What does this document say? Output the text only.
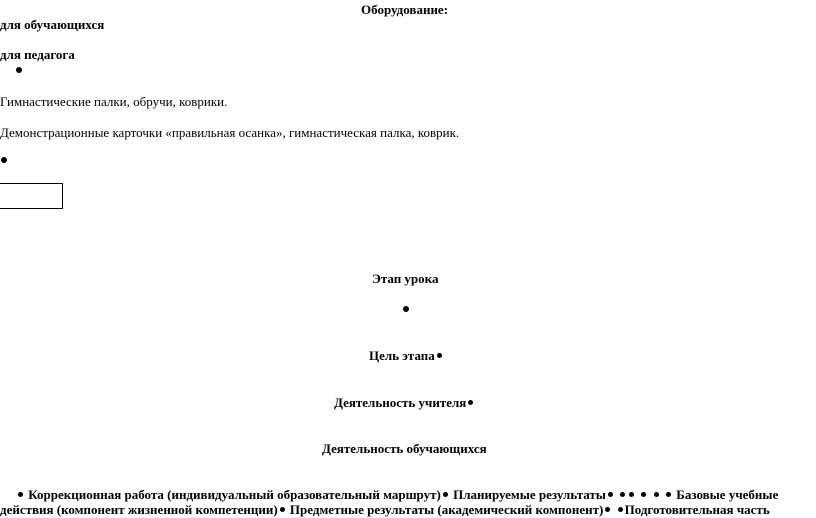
Оборудование:
для обучающихся
для педагога
Гимнастические палки, обручи, коврики.
Демонстрационные карточки «правильная осанка», гимнастическая палка, коврик.
Этап урока
Цель этапа
Деятельность учителя
Деятельность обучающихся
Коррекционная работа (индивидуальный образовательный маршрут) Планируемые результаты	Базовые учебные
действия (компонент жизненной компетенции) Предметные результаты (академический компонент) Подготовительная часть
